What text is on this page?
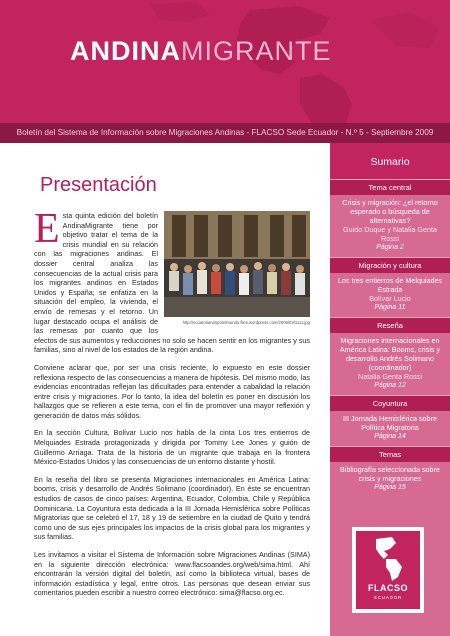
ANDINAMIGRANTE
Boletín del Sistema de Información sobre Migraciones Andinas - FLACSO Sede Ecuador - N.º 5 - Septiembre 2009
Presentación
http://ecuatorianosporelmundo.files.wordpress.com/2009/03/1111.jpg
E sta quinta edición del boletín AndinaMigrante tiene por objetivo tratar el tema de la crisis mundial en su relación con las migraciones andinas. El dossier central analiza las consecuencias de la actual crisis para los migrantes andinos en Estados Unidos y España; se enfatiza en la situación del empleo, la vivienda, el envío de remesas y el retorno. Un lugar destacado ocupa el análisis de las remesas por cuanto que los efectos de sus aumentos y reducciones no solo se hacen sentir en los migrantes y sus familias, sino al nivel de los estados de la región andina.
Conviene aclarar que, por ser una crisis reciente, lo expuesto en este dossier reflexiona respecto de las consecuencias a manera de hipótesis. Del mismo modo, las evidencias encontradas reflejan las dificultades para entender a cabalidad la relación entre crisis y migraciones. Por lo tanto, la idea del boletín es poner en discusión los hallazgos que se refieren a este tema, con el fin de promover una mayor reflexión y generación de datos más sólidos.
En la sección Cultura, Bolívar Lucio nos habla de la cinta Los tres entierros de Melquiades Estrada protagonizada y dirigida por Tommy Lee Jones y guión de Guillermo Arriaga. Trata de la historia de un migrante que trabaja en la frontera México-Estados Unidos y las consecuencias de un entorno distante y hostil.
En la reseña del libro se presenta Migraciones internacionales en América Latina: booms, crisis y desarrollo de Andrés Solimano (coordinador). En éste se encuentran estudios de casos de cinco países: Argentina, Ecuador, Colombia, Chile y República Dominicana. La Coyuntura esta dedicada a la III Jornada Hemisférica sobre Políticas Migratorias que se celebró el 17, 18 y 19 de setiembre en la ciudad de Quito y tendrá como uno de sus ejes principales los impactos de la crisis global para los migrantes y sus familias.
Les invitamos a visitar el Sistema de Información sobre Migraciones Andinas (SIMA) en la siguiente dirección electrónica: www.flacsoandes.org/web/sima.html. Ahí encontrarán la versión digital del boletín, así como la biblioteca virtual, bases de información estadística y legal, entre otros. Las personas que desean enviar sus comentarios pueden escribir a nuestro correo electrónico: sima@flacso.org.ec.
Sumario
Tema central
Crisis y migración: ¿el retorno esperado o búsqueda de alternativas?
Guido Duque y Natalia Genta Rossi
Página 2
Migración y cultura
Los tres entierros de Melquiades Estrada
Bolívar Lucio
Página 11
Reseña
Migraciones internacionales en América Latina: Booms, crisis y desarrollo Andrés Solimano (coordinador)
Natalia Genta Rossi
Página 12
Coyuntura
III Jornada Hemisférica sobre Política Migratoria
Página 14
Temas
Bibliografía seleccionada sobre crisis y migraciones
Página 15
FLACSO
ECUADOR
